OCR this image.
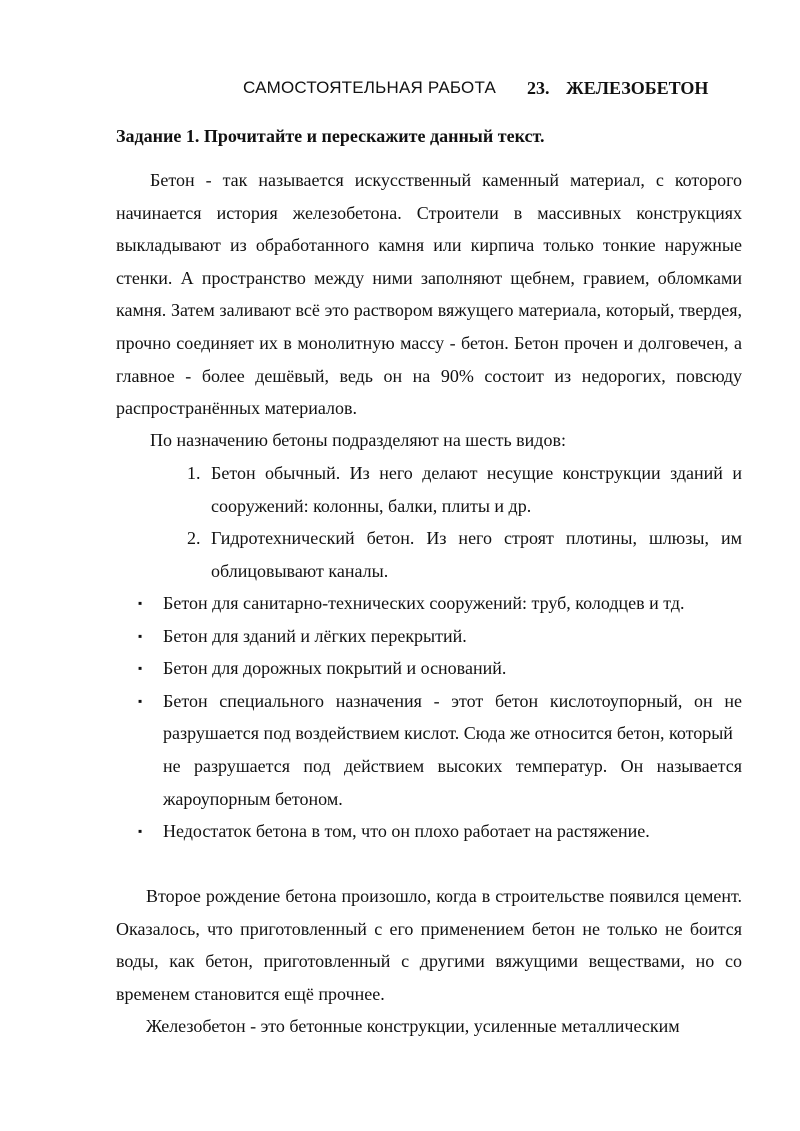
САМОСТОЯТЕЛЬНАЯ РАБОТА 23. ЖЕЛЕЗОБЕТОН
Задание 1. Прочитайте и перескажите данный текст.
Бетон - так называется искусственный каменный материал, с которого начинается история железобетона. Строители в массивных конструкциях выкладывают из обработанного камня или кирпича только тонкие наружные стенки. А пространство между ними заполняют щебнем, гравием, обломками камня. Затем заливают всё это раствором вяжущего материала, который, твердея, прочно соединяет их в монолитную массу - бетон. Бетон прочен и долговечен, а главное - более дешёвый, ведь он на 90% состоит из недорогих, повсюду распространённых материалов.
По назначению бетоны подразделяют на шесть видов:
1. Бетон обычный. Из него делают несущие конструкции зданий и сооружений: колонны, балки, плиты и др.
2. Гидротехнический бетон. Из него строят плотины, шлюзы, им облицовывают каналы.
▪ Бетон для санитарно-технических сооружений: труб, колодцев и тд.
▪ Бетон для зданий и лёгких перекрытий.
▪ Бетон для дорожных покрытий и оснований.
▪ Бетон специального назначения - этот бетон кислотоупорный, он не разрушается под воздействием кислот. Сюда же относится бетон, который
не разрушается под действием высоких температур. Он называется жароупорным бетоном.
▪ Недостаток бетона в том, что он плохо работает на растяжение.
Второе рождение бетона произошло, когда в строительстве появился цемент. Оказалось, что приготовленный с его применением бетон не только не боится воды, как бетон, приготовленный с другими вяжущими веществами, но со временем становится ещё прочнее.
Железобетон - это бетонные конструкции, усиленные металлическим
